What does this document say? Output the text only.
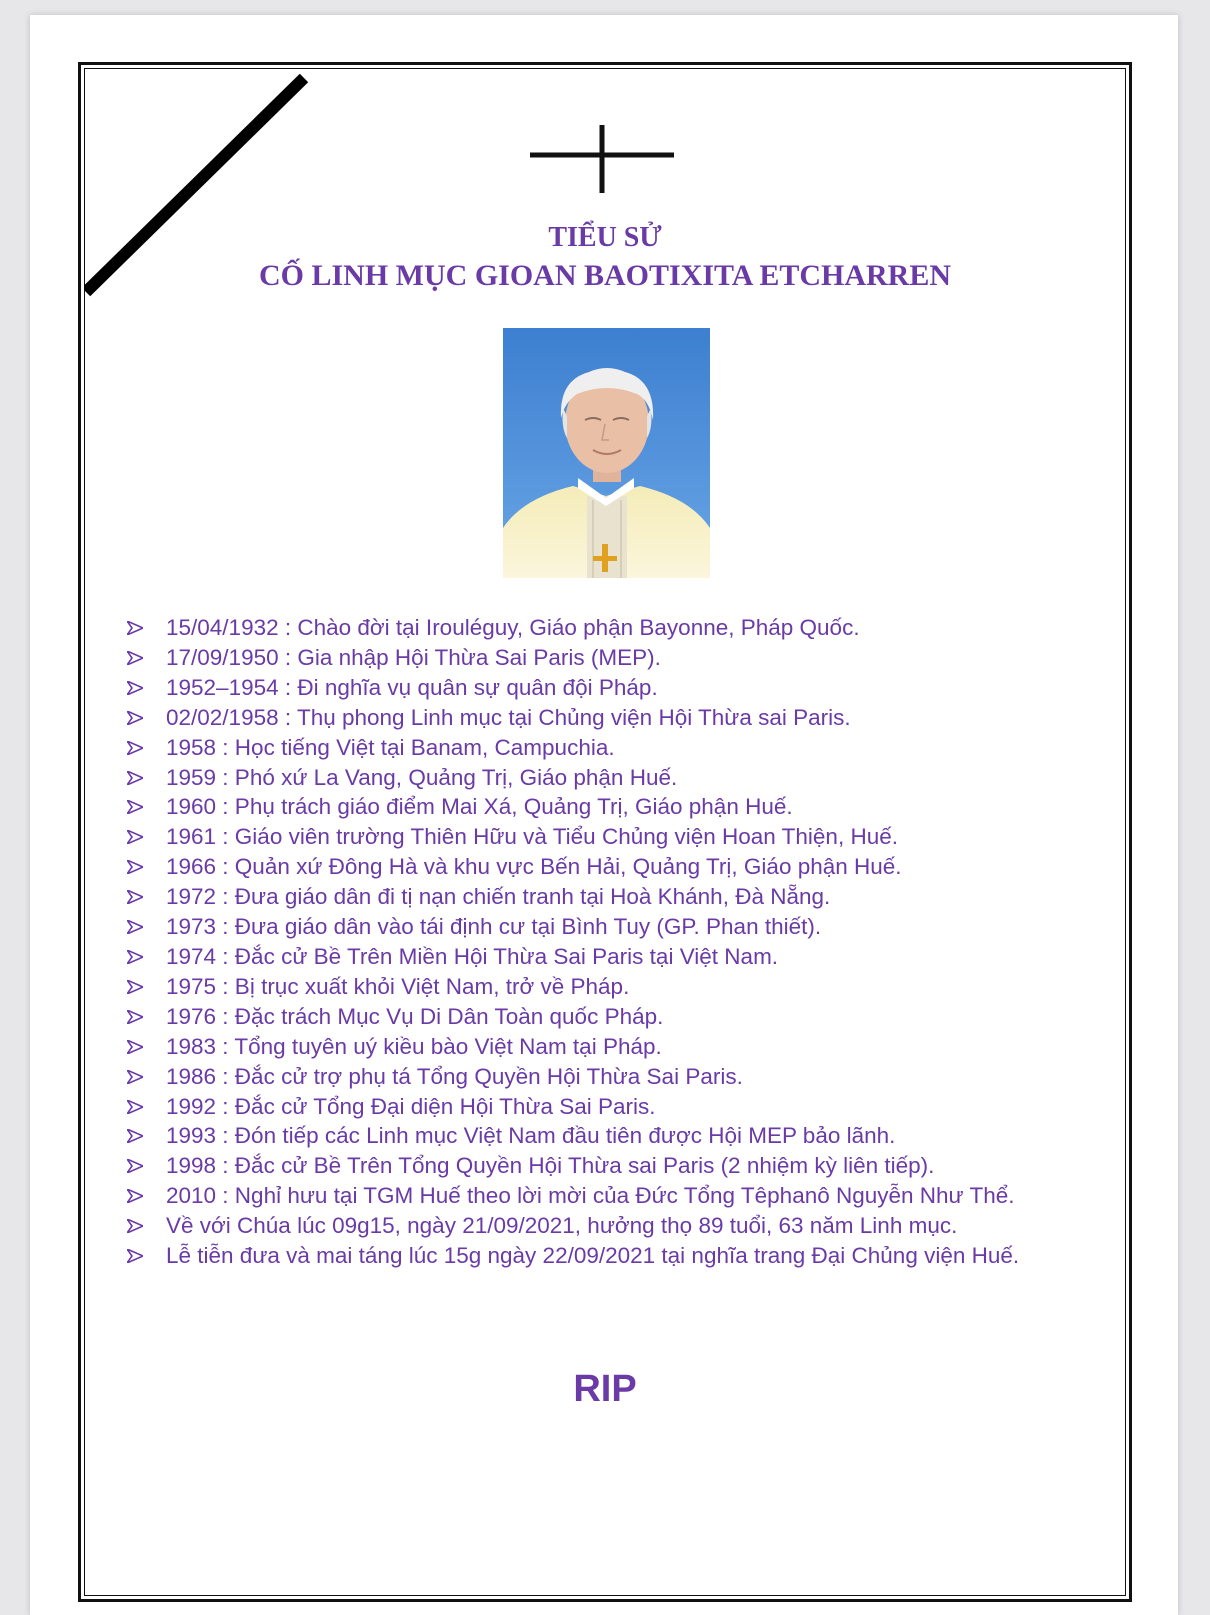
TIỂU SỬ
CỐ LINH MỤC GIOAN BAOTIXITA ETCHARREN
15/04/1932 : Chào đời tại Irouléguy, Giáo phận Bayonne, Pháp Quốc.
17/09/1950 : Gia nhập Hội Thừa Sai Paris (MEP).
1952–1954 : Đi nghĩa vụ quân sự quân đội Pháp.
02/02/1958 : Thụ phong Linh mục tại Chủng viện Hội Thừa sai Paris.
1958 : Học tiếng Việt tại Banam, Campuchia.
1959 : Phó xứ La Vang, Quảng Trị, Giáo phận Huế.
1960 : Phụ trách giáo điểm Mai Xá, Quảng Trị, Giáo phận Huế.
1961 : Giáo viên trường Thiên Hữu và Tiểu Chủng viện Hoan Thiện, Huế.
1966 : Quản xứ Đông Hà và khu vực Bến Hải, Quảng Trị, Giáo phận Huế.
1972 : Đưa giáo dân đi tị nạn chiến tranh tại Hoà Khánh, Đà Nẵng.
1973 : Đưa giáo dân vào tái định cư tại Bình Tuy (GP. Phan thiết).
1974 : Đắc cử Bề Trên Miền Hội Thừa Sai Paris tại Việt Nam.
1975 : Bị trục xuất khỏi Việt Nam, trở về Pháp.
1976 : Đặc trách Mục Vụ Di Dân Toàn quốc Pháp.
1983 : Tổng tuyên uý kiều bào Việt Nam tại Pháp.
1986 : Đắc cử trợ phụ tá Tổng Quyền Hội Thừa Sai Paris.
1992 : Đắc cử Tổng Đại diện Hội Thừa Sai Paris.
1993 : Đón tiếp các Linh mục Việt Nam đầu tiên được Hội MEP bảo lãnh.
1998 : Đắc cử Bề Trên Tổng Quyền Hội Thừa sai Paris (2 nhiệm kỳ liên tiếp).
2010 : Nghỉ hưu tại TGM Huế theo lời mời của Đức Tổng Têphanô Nguyễn Như Thể.
Về với Chúa lúc 09g15, ngày 21/09/2021, hưởng thọ 89 tuổi, 63 năm Linh mục.
Lễ tiễn đưa và mai táng lúc 15g ngày 22/09/2021 tại nghĩa trang Đại Chủng viện Huế.

RIP
